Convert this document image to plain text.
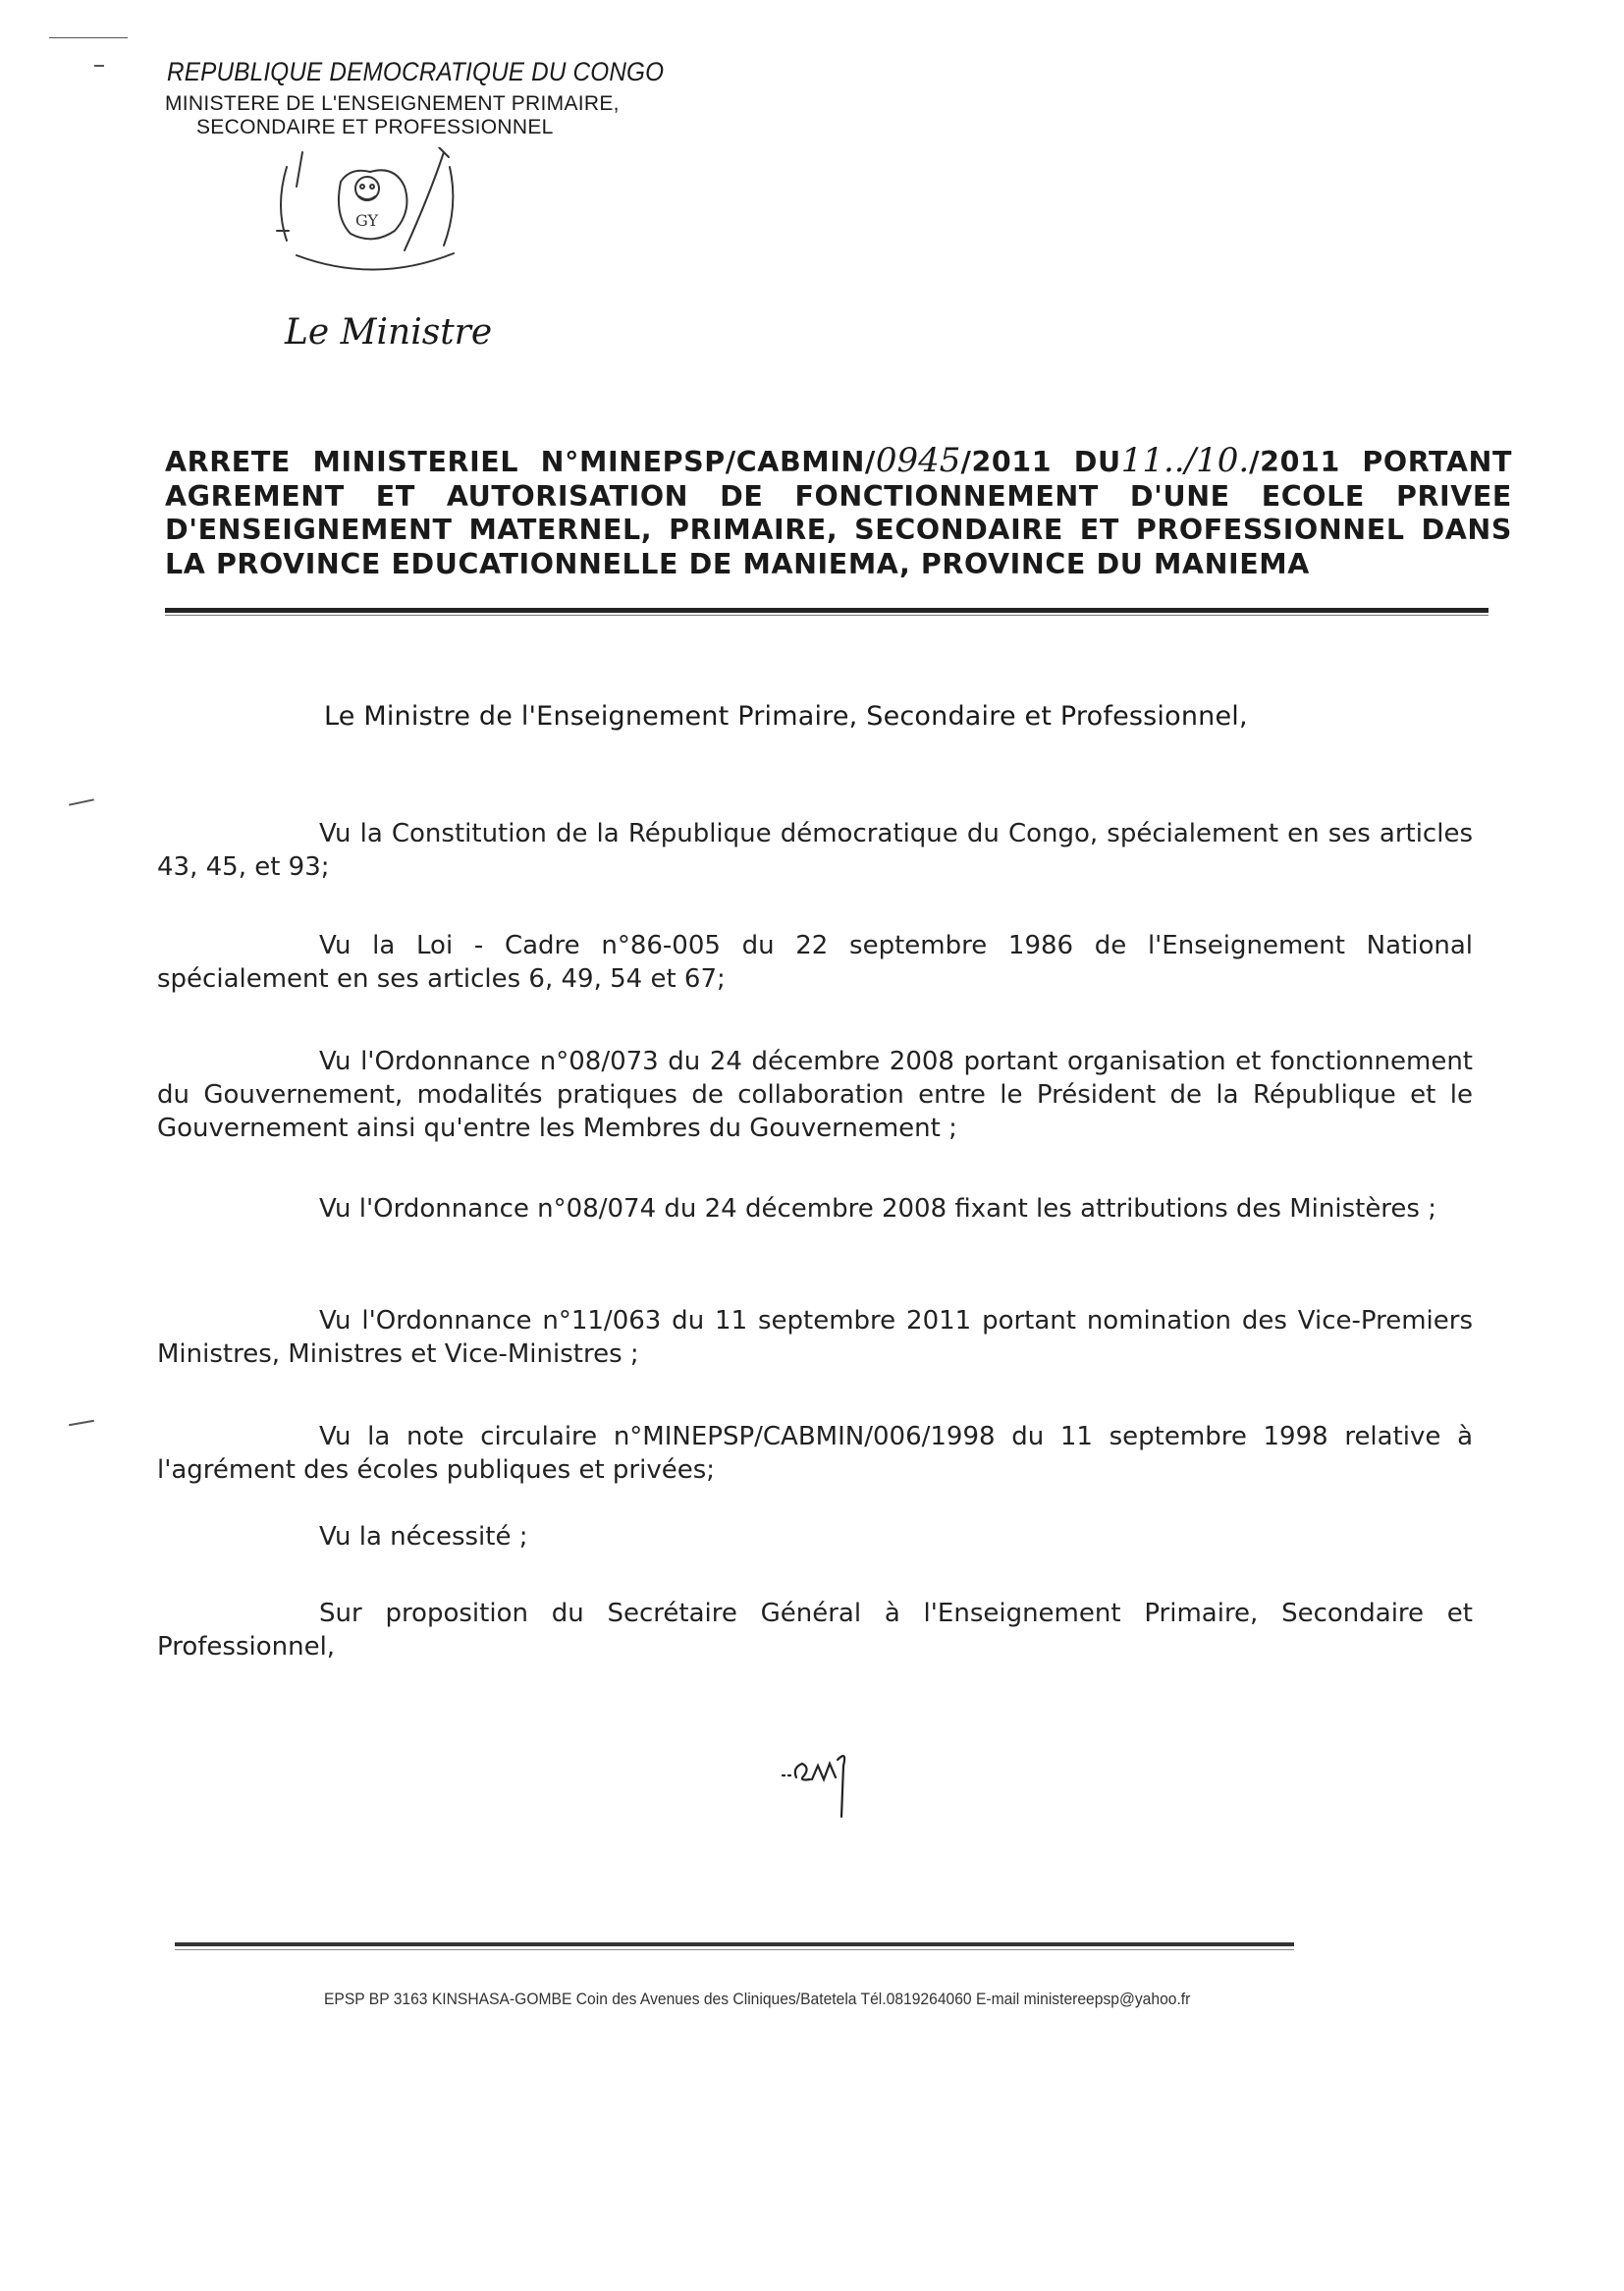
REPUBLIQUE DEMOCRATIQUE DU CONGO
MINISTERE DE L'ENSEIGNEMENT PRIMAIRE,
SECONDAIRE ET PROFESSIONNEL
GY
Le Ministre
ARRETE MINISTERIEL N°MINEPSP/CABMIN/0945/2011 DU11../10./2011 PORTANT
AGREMENT ET AUTORISATION DE FONCTIONNEMENT D'UNE ECOLE PRIVEE
D'ENSEIGNEMENT MATERNEL, PRIMAIRE, SECONDAIRE ET PROFESSIONNEL DANS
LA PROVINCE EDUCATIONNELLE DE MANIEMA, PROVINCE DU MANIEMA
Le Ministre de l'Enseignement Primaire, Secondaire et Professionnel,

Vu la Constitution de la République démocratique du Congo, spécialement en ses articles 43, 45, et 93;

Vu la Loi - Cadre n°86-005 du 22 septembre 1986 de l'Enseignement National spécialement en ses articles 6, 49, 54 et 67;

Vu l'Ordonnance n°08/073 du 24 décembre 2008 portant organisation et fonctionnement du Gouvernement, modalités pratiques de collaboration entre le Président de la République et le Gouvernement ainsi qu'entre les Membres du Gouvernement ;

Vu l'Ordonnance n°08/074 du 24 décembre 2008 fixant les attributions des Ministères ;

Vu l'Ordonnance n°11/063 du 11 septembre 2011 portant nomination des Vice-Premiers Ministres, Ministres et Vice-Ministres ;

Vu la note circulaire n°MINEPSP/CABMIN/006/1998 du 11 septembre 1998 relative à l'agrément des écoles publiques et privées;

Vu la nécessité ;

Sur proposition du Secrétaire Général à l'Enseignement Primaire, Secondaire et Professionnel,

EPSP BP 3163 KINSHASA-GOMBE Coin des Avenues des Cliniques/Batetela Tél.0819264060 E-mail ministereepsp@yahoo.fr
